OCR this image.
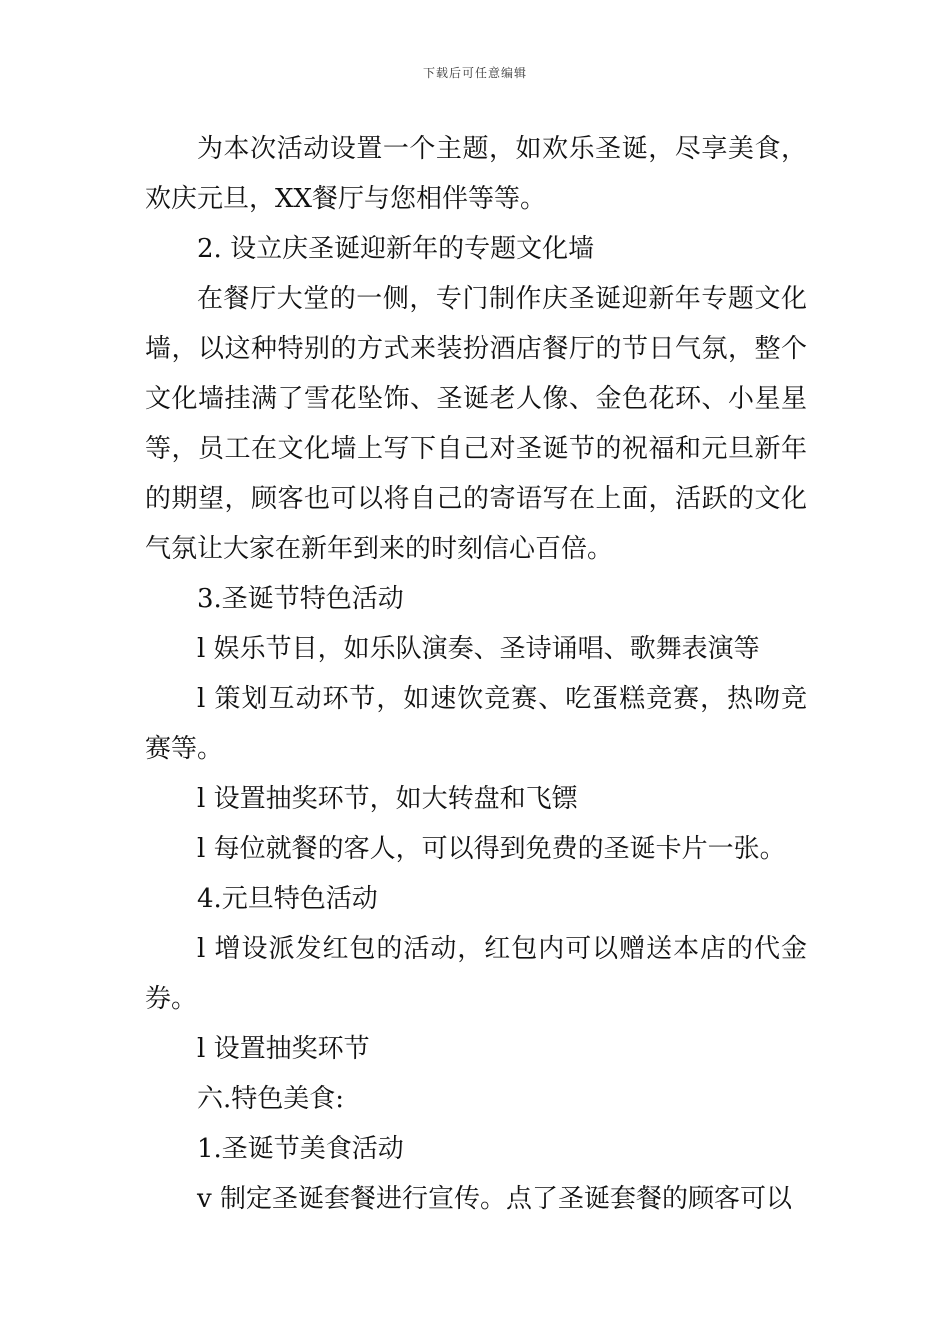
下载后可任意编辑

为本次活动设置一个主题，如欢乐圣诞，尽享美食，欢庆元旦，XX餐厅与您相伴等等。

2. 设立庆圣诞迎新年的专题文化墙

在餐厅大堂的一侧，专门制作庆圣诞迎新年专题文化墙，以这种特别的方式来装扮酒店餐厅的节日气氛，整个文化墙挂满了雪花坠饰、圣诞老人像、金色花环、小星星等，员工在文化墙上写下自己对圣诞节的祝福和元旦新年的期望，顾客也可以将自己的寄语写在上面，活跃的文化气氛让大家在新年到来的时刻信心百倍。

3.圣诞节特色活动

l 娱乐节目，如乐队演奏、圣诗诵唱、歌舞表演等

l 策划互动环节，如速饮竞赛、吃蛋糕竞赛，热吻竞赛等。

l 设置抽奖环节，如大转盘和飞镖

l 每位就餐的客人，可以得到免费的圣诞卡片一张。

4.元旦特色活动

l 增设派发红包的活动，红包内可以赠送本店的代金券。

l 设置抽奖环节

六.特色美食:

1.圣诞节美食活动

v 制定圣诞套餐进行宣传。点了圣诞套餐的顾客可以
